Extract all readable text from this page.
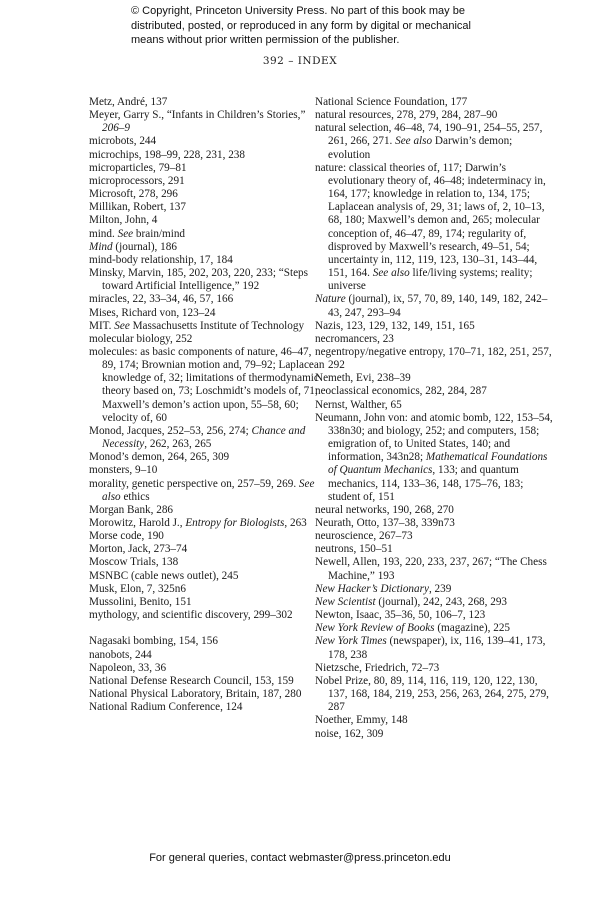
© Copyright, Princeton University Press. No part of this book may be distributed, posted, or reproduced in any form by digital or mechanical means without prior written permission of the publisher.
392 – INDEX

Metz, André, 137

Meyer, Garry S., “Infants in Children’s Stories,” 206–9

microbots, 244

microchips, 198–99, 228, 231, 238

microparticles, 79–81

microprocessors, 291

Microsoft, 278, 296

Millikan, Robert, 137

Milton, John, 4

mind. See brain/mind

Mind (journal), 186

mind-body relationship, 17, 184

Minsky, Marvin, 185, 202, 203, 220, 233; “Steps toward Artificial Intelligence,” 192

miracles, 22, 33–34, 46, 57, 166

Mises, Richard von, 123–24

MIT. See Massachusetts Institute of Technology

molecular biology, 252

molecules: as basic components of nature, 46–47, 89, 174; Brownian motion and, 79–92; Laplacean knowledge of, 32; limitations of thermodynamic theory based on, 73; Loschmidt’s models of, 71; Maxwell’s demon’s action upon, 55–58, 60; velocity of, 60

Monod, Jacques, 252–53, 256, 274; Chance and Necessity, 262, 263, 265

Monod’s demon, 264, 265, 309

monsters, 9–10

morality, genetic perspective on, 257–59, 269. See also ethics

Morgan Bank, 286

Morowitz, Harold J., Entropy for Biologists, 263

Morse code, 190

Morton, Jack, 273–74

Moscow Trials, 138

MSNBC (cable news outlet), 245

Musk, Elon, 7, 325n6

Mussolini, Benito, 151

mythology, and scientific discovery, 299–302

Nagasaki bombing, 154, 156

nanobots, 244

Napoleon, 33, 36

National Defense Research Council, 153, 159

National Physical Laboratory, Britain, 187, 280

National Radium Conference, 124

National Science Foundation, 177

natural resources, 278, 279, 284, 287–90

natural selection, 46–48, 74, 190–91, 254–55, 257, 261, 266, 271. See also Darwin’s demon; evolution

nature: classical theories of, 117; Darwin’s evolutionary theory of, 46–48; indeterminacy in, 164, 177; knowledge in relation to, 134, 175; Laplacean analysis of, 29, 31; laws of, 2, 10–13, 68, 180; Maxwell’s demon and, 265; molecular conception of, 46–47, 89, 174; regularity of, disproved by Maxwell’s research, 49–51, 54; uncertainty in, 112, 119, 123, 130–31, 143–44, 151, 164. See also life/living systems; reality; universe

Nature (journal), ix, 57, 70, 89, 140, 149, 182, 242–43, 247, 293–94

Nazis, 123, 129, 132, 149, 151, 165

necromancers, 23

negentropy/negative entropy, 170–71, 182, 251, 257, 292

Nemeth, Evi, 238–39

neoclassical economics, 282, 284, 287

Nernst, Walther, 65

Neumann, John von: and atomic bomb, 122, 153–54, 338n30; and biology, 252; and computers, 158; emigration of, to United States, 140; and information, 343n28; Mathematical Foundations of Quantum Mechanics, 133; and quantum mechanics, 114, 133–36, 148, 175–76, 183; student of, 151

neural networks, 190, 268, 270

Neurath, Otto, 137–38, 339n73

neuroscience, 267–73

neutrons, 150–51

Newell, Allen, 193, 220, 233, 237, 267; “The Chess Machine,” 193

New Hacker’s Dictionary, 239

New Scientist (journal), 242, 243, 268, 293

Newton, Isaac, 35–36, 50, 106–7, 123

New York Review of Books (magazine), 225

New York Times (newspaper), ix, 116, 139–41, 173, 178, 238

Nietzsche, Friedrich, 72–73

Nobel Prize, 80, 89, 114, 116, 119, 120, 122, 130, 137, 168, 184, 219, 253, 256, 263, 264, 275, 279, 287

Noether, Emmy, 148

noise, 162, 309

For general queries, contact webmaster@press.princeton.edu
